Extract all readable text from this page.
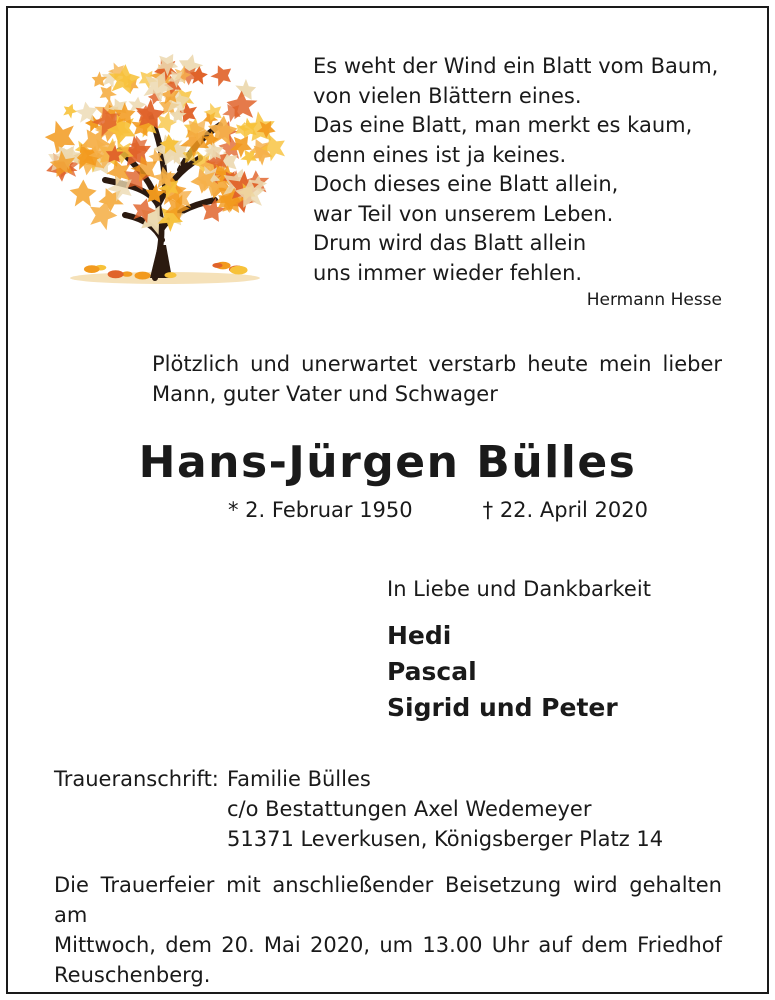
Es weht der Wind ein Blatt vom Baum,
von vielen Blättern eines.
Das eine Blatt, man merkt es kaum,
denn eines ist ja keines.
Doch dieses eine Blatt allein,
war Teil von unserem Leben.
Drum wird das Blatt allein
uns immer wieder fehlen.
Hermann Hesse
Plötzlich und unerwartet verstarb heute mein lieber
Mann, guter Vater und Schwager
Hans-Jürgen Bülles
* 2. Februar 1950	† 22. April 2020
In Liebe und Dankbarkeit
Hedi
Pascal
Sigrid und Peter
Traueranschrift: Familie Bülles
c/o Bestattungen Axel Wedemeyer
51371 Leverkusen, Königsberger Platz 14
Die Trauerfeier mit anschließender Beisetzung wird gehalten am
Mittwoch, dem 20. Mai 2020, um 13.00 Uhr auf dem Friedhof
Reuschenberg.
